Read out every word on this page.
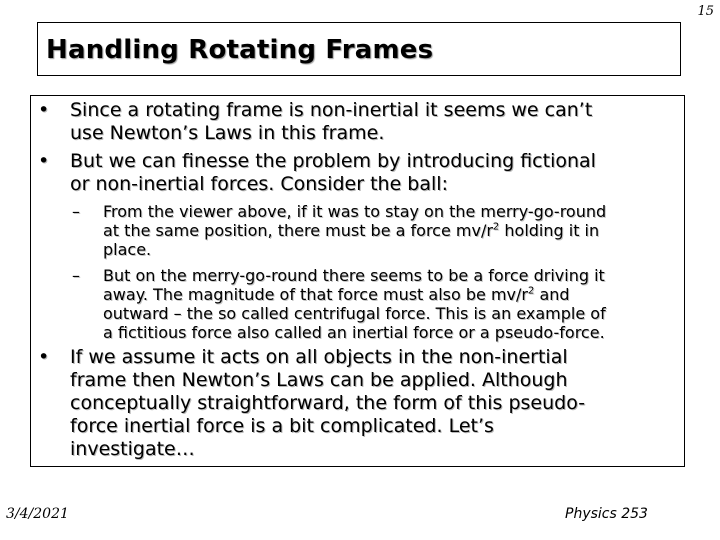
15
Handling Rotating Frames
• Since a rotating frame is non-inertial it seems we can’t
use Newton’s Laws in this frame.
• But we can finesse the problem by introducing fictional
or non-inertial forces. Consider the ball:
– From the viewer above, if it was to stay on the merry-go-round
at the same position, there must be a force $mv/r^2$ holding it in
place.
– But on the merry-go-round there seems to be a force driving it
away. The magnitude of that force must also be $mv/r^2$ and
outward – the so called centrifugal force. This is an example of
a fictitious force also called an inertial force or a pseudo-force.
• If we assume it acts on all objects in the non-inertial
frame then Newton’s Laws can be applied. Although
conceptually straightforward, the form of this pseudo-
force inertial force is a bit complicated. Let’s
investigate…
3/4/2021	Physics 253
